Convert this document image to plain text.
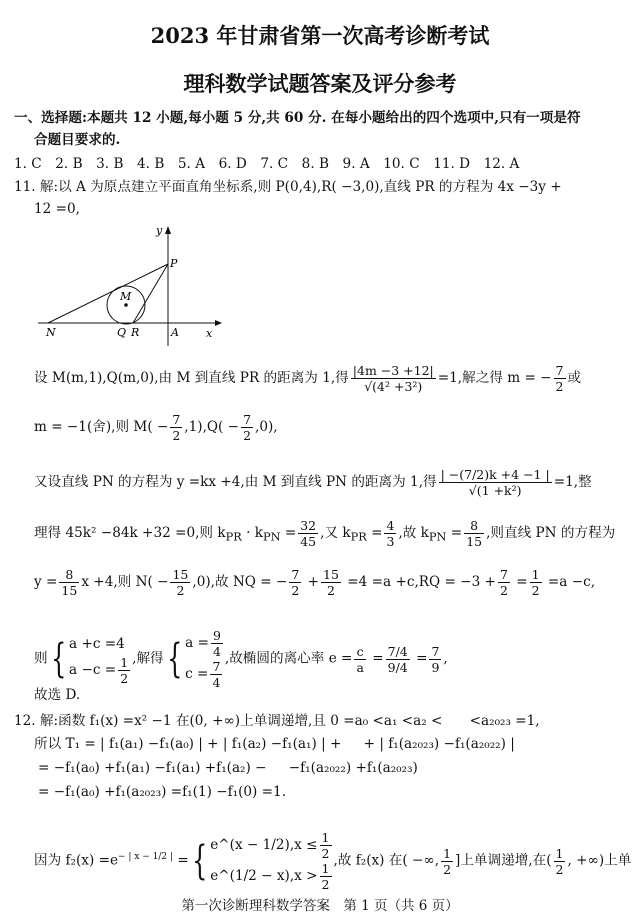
2023 年甘肃省第一次高考诊断考试
理科数学试题答案及评分参考
一、选择题:本题共 12 小题,每小题 5 分,共 60 分. 在每小题给出的四个选项中,只有一项是符
合题目要求的.
1. C　2. B　3. B　4. B　5. A　6. D　7. C　8. B　9. A　10. C　11. D　12. A
11. 解:以 A 为原点建立平面直角坐标系,则 P(0,4),R( −3,0),直线 PR 的方程为 4x −3y +
12 =0,
y
x
P
M
N	Q R	A
设 M(m,1),Q(m,0),由 M 到直线 PR 的距离为 1,得 $\frac{|4m -3 +12|}{\text{√(4² +3²)}} =1$,解之得 m = − $\frac{7}{2}$ 或
m = −1(舍),则 $M( - \frac{7}{2} ,1),Q( - \frac{7}{2} ,0)$,
又设直线 PN 的方程为 y =kx +4,由 M 到直线 PN 的距离为 1,得 $\frac{| -(7/2)k +4 -1 |}{\text{√(1 +k²)}} =1$,整
理得 45k² −84k +32 =0,则 $k_{PR} \cdot k_{PN} = \frac{32}{45}$ ,又 $k_{PR} = \frac{4}{3}$ ,故 $k_{PN} = \frac{8}{15}$ ,则直线 PN 的方程为
$y = \frac{8}{15}$ x +4,则 $N( - \frac{15}{2} ,0)$,故 NQ = − $\frac{7}{2} + \frac{15}{2} =4 =a +c,RQ = -3 + \frac{7}{2} = \frac{1}{2} =a -c$,
则{ a +c =4
$a -c = \frac{1}{2}$ ,解得{ $a = \frac{9}{4}$

$c = \frac{7}{4}$
,故椭圆的离心率 $e = \frac{c}{a} = \frac{7/4}{9/4} = \frac{7}{9}$ ,
故选 D.
12. 解:函数 f₁(x) =x² −1 在(0, +∞)上单调递增,且 0 =a₀ <a₁ <a₂ <　　<a₂₀₂₃ =1,
所以 T₁ = | f₁(a₁) −f₁(a₀) | + | f₁(a₂) −f₁(a₁) | + 　 + | f₁(a₂₀₂₃) −f₁(a₂₀₂₂) |
= −f₁(a₀) +f₁(a₁) −f₁(a₁) +f₁(a₂) − 　 −f₁(a₂₀₂₂) +f₁(a₂₀₂₃)
= −f₁(a₀) +f₁(a₂₀₂₃) =f₁(1) −f₁(0) =1.
因为 $f_2(x) =e^{- | x - 1/2 |}$ ={ e^(x − $1/2),x \le \frac{1}{2}$

e^(1/2 − $x),x > \frac{1}{2}$
,故 f₂(x) 在( −∞, $\frac{1}{2}$ ]上单调递增,在( $\frac{1}{2}$ , +∞)上单
第一次诊断理科数学答案　第 1 页（共 6 页）
